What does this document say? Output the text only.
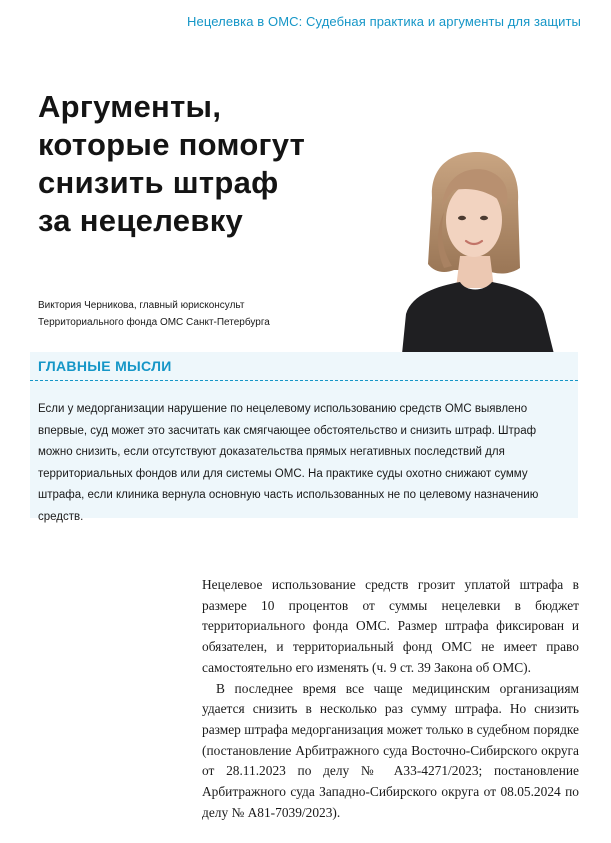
Нецелевка в ОМС: Судебная практика и аргументы для защиты
Аргументы,
которые помогут
снизить штраф
за нецелевку
Виктория Черникова, главный юрисконсульт
Территориального фонда ОМС Санкт-Петербурга
ГЛАВНЫЕ МЫСЛИ

Если у медорганизации нарушение по нецелевому использованию средств ОМС выявлено впервые, суд может это засчитать как смягчающее обстоятельство и снизить штраф. Штраф можно снизить, если отсутствуют доказательства прямых негативных последствий для территориальных фондов или для системы ОМС. На практике суды охотно снижают сумму штрафа, если клиника вернула основную часть использованных не по целевому назначению средств.

Нецелевое использование средств грозит уплатой штрафа в размере 10 процентов от суммы нецелевки в бюджет территориального фонда ОМС. Размер штрафа фиксирован и обязателен, и территориальный фонд ОМС не имеет право самостоятельно его изменять (ч. 9 ст. 39 Закона об ОМС).

В последнее время все чаще медицинским организациям удается снизить в несколько раз сумму штрафа. Но снизить размер штрафа медорганизация может только в судебном порядке (постановление Арбитражного суда Восточно-Сибирского округа от 28.11.2023 по делу № А33-4271/2023; постановление Арбитражного суда Западно-Сибирского округа от 08.05.2024 по делу № А81-7039/2023).
